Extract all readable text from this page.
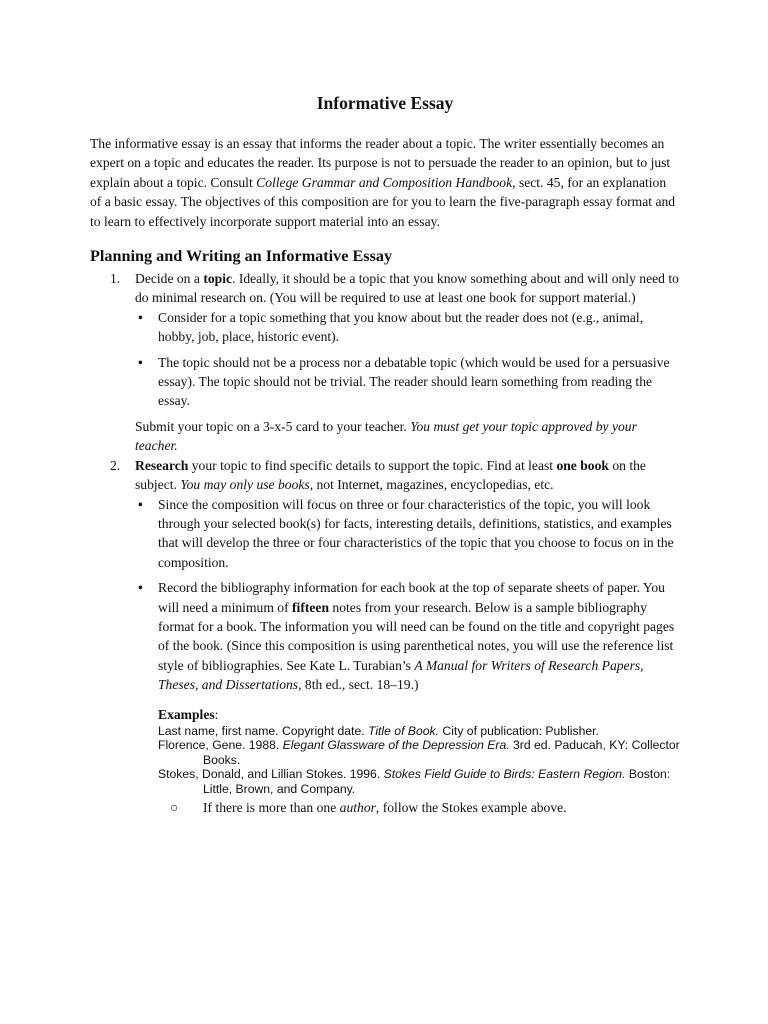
Informative Essay

The informative essay is an essay that informs the reader about a topic. The writer essentially becomes an expert on a topic and educates the reader. Its purpose is not to persuade the reader to an opinion, but to just explain about a topic. Consult College Grammar and Composition Handbook, sect. 45, for an explanation of a basic essay. The objectives of this composition are for you to learn the five-paragraph essay format and to learn to effectively incorporate support material into an essay.

Planning and Writing an Informative Essay
1. Decide on a topic. Ideally, it should be a topic that you know something about and will only need to do minimal research on. (You will be required to use at least one book for support material.)

• Consider for a topic something that you know about but the reader does not (e.g., animal, hobby, job, place, historic event).
• The topic should not be a process nor a debatable topic (which would be used for a persuasive essay). The topic should not be trivial. The reader should learn something from reading the essay.

Submit your topic on a 3-x-5 card to your teacher. You must get your topic approved by your teacher.

2. Research your topic to find specific details to support the topic. Find at least one book on the subject. You may only use books, not Internet, magazines, encyclopedias, etc.

• Since the composition will focus on three or four characteristics of the topic, you will look through your selected book(s) for facts, interesting details, definitions, statistics, and examples that will develop the three or four characteristics of the topic that you choose to focus on in the composition.
• Record the bibliography information for each book at the top of separate sheets of paper. You will need a minimum of fifteen notes from your research. Below is a sample bibliography format for a book. The information you will need can be found on the title and copyright pages of the book. (Since this composition is using parenthetical notes, you will use the reference list style of bibliographies. See Kate L. Turabian’s A Manual for Writers of Research Papers, Theses, and Dissertations, 8th ed., sect. 18–19.)

Examples:

Last name, first name. Copyright date. Title of Book. City of publication: Publisher.

Florence, Gene. 1988. Elegant Glassware of the Depression Era. 3rd ed. Paducah, KY: Collector Books.

Stokes, Donald, and Lillian Stokes. 1996. Stokes Field Guide to Birds: Eastern Region. Boston: Little, Brown, and Company.

○ If there is more than one author, follow the Stokes example above.
